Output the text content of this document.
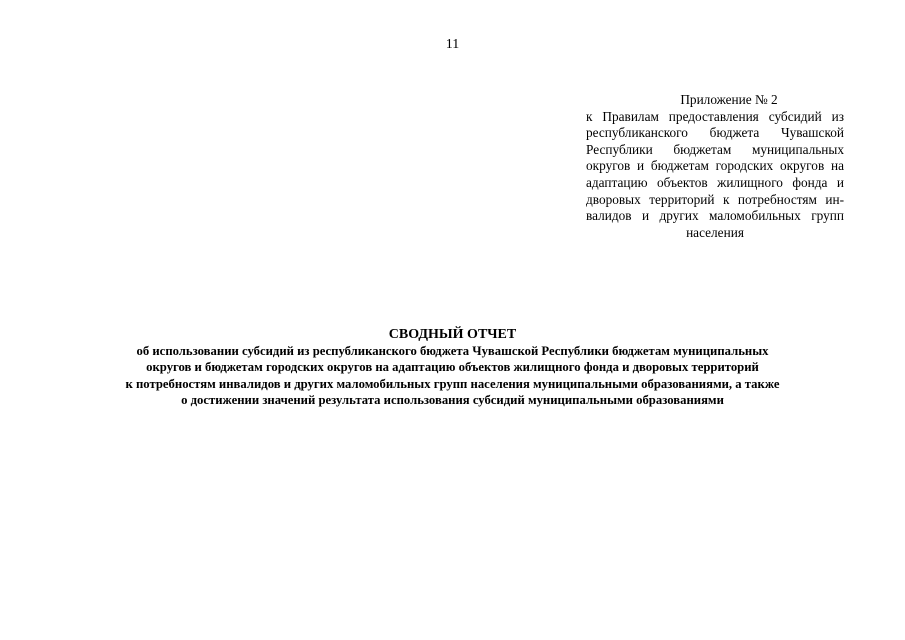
11
Приложение № 2
к Правилам предоставления субсидий из
республиканского бюджета Чувашской
Республики бюджетам муниципальных
округов и бюджетам городских округов на
адаптацию объектов жилищного фонда и
дворовых территорий к потребностям ин-
валидов и других маломобильных групп
населения
СВОДНЫЙ ОТЧЕТ
об использовании субсидий из республиканского бюджета Чувашской Республики бюджетам муниципальных
округов и бюджетам городских округов на адаптацию объектов жилищного фонда и дворовых территорий
к потребностям инвалидов и других маломобильных групп населения муниципальными образованиями, а также
о достижении значений результата использования субсидий муниципальными образованиями
